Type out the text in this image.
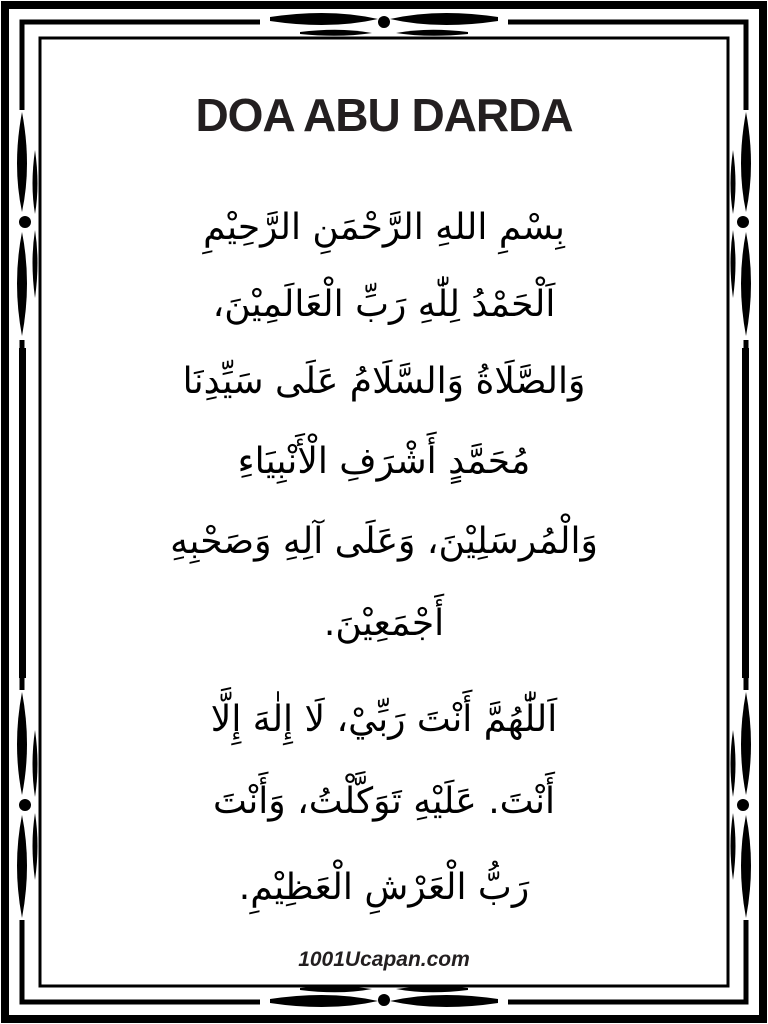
DOA ABU DARDA
بِسْمِ اللهِ الرَّحْمَنِ الرَّحِيْمِ
اَلْحَمْدُ لِلّٰهِ رَبِّ الْعَالَمِيْنَ،
وَالصَّلَاةُ وَالسَّلَامُ عَلَى سَيِّدِنَا
مُحَمَّدٍ أَشْرَفِ الْأَنْبِيَاءِ
وَالْمُرسَلِيْنَ، وَعَلَى آلِهِ وَصَحْبِهِ
أَجْمَعِيْنَ.
اَللّٰهُمَّ أَنْتَ رَبِّيْ، لَا إِلٰهَ إِلَّا
أَنْتَ. عَلَيْهِ تَوَكَّلْتُ، وَأَنْتَ
رَبُّ الْعَرْشِ الْعَظِيْمِ.
1001Ucapan.com
